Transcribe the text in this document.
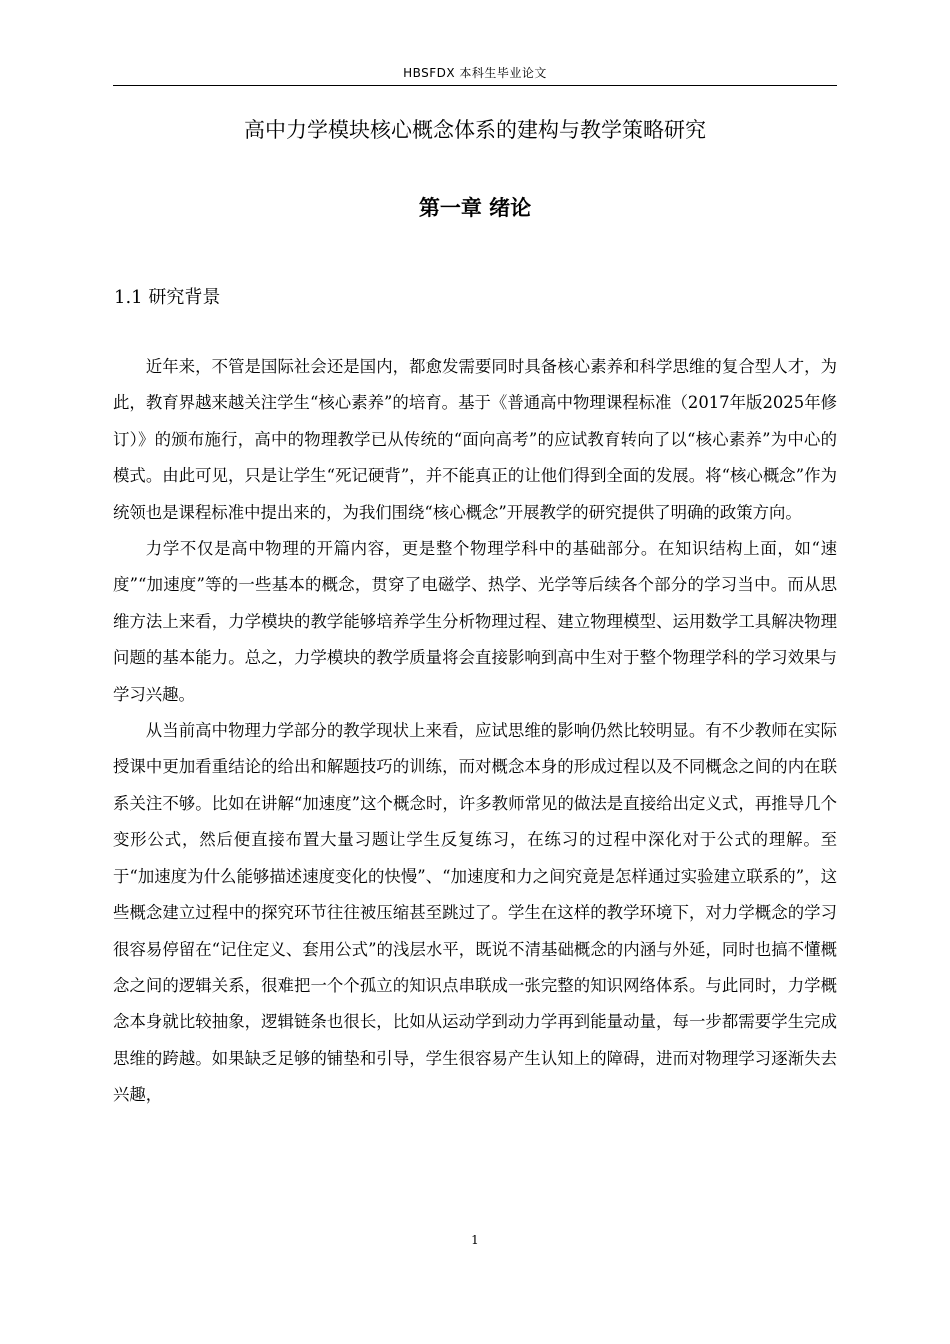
HBSFDX 本科生毕业论文
高中力学模块核心概念体系的建构与教学策略研究
第一章 绪论
1.1 研究背景

近年来，不管是国际社会还是国内，都愈发需要同时具备核心素养和科学思维的复合型人才，为此，教育界越来越关注学生“核心素养”的培育。基于《普通高中物理课程标准（2017年版2025年修订）》的颁布施行，高中的物理教学已从传统的“面向高考”的应试教育转向了以“核心素养”为中心的模式。由此可见，只是让学生“死记硬背”，并不能真正的让他们得到全面的发展。将“核心概念”作为统领也是课程标准中提出来的，为我们围绕“核心概念”开展教学的研究提供了明确的政策方向。

力学不仅是高中物理的开篇内容，更是整个物理学科中的基础部分。在知识结构上面，如“速度”“加速度”等的一些基本的概念，贯穿了电磁学、热学、光学等后续各个部分的学习当中。而从思维方法上来看，力学模块的教学能够培养学生分析物理过程、建立物理模型、运用数学工具解决物理问题的基本能力。总之，力学模块的教学质量将会直接影响到高中生对于整个物理学科的学习效果与学习兴趣。

从当前高中物理力学部分的教学现状上来看，应试思维的影响仍然比较明显。有不少教师在实际授课中更加看重结论的给出和解题技巧的训练，而对概念本身的形成过程以及不同概念之间的内在联系关注不够。比如在讲解“加速度”这个概念时，许多教师常见的做法是直接给出定义式，再推导几个变形公式，然后便直接布置大量习题让学生反复练习，在练习的过程中深化对于公式的理解。至于“加速度为什么能够描述速度变化的快慢”、“加速度和力之间究竟是怎样通过实验建立联系的”，这些概念建立过程中的探究环节往往被压缩甚至跳过了。学生在这样的教学环境下，对力学概念的学习很容易停留在“记住定义、套用公式”的浅层水平，既说不清基础概念的内涵与外延，同时也搞不懂概念之间的逻辑关系，很难把一个个孤立的知识点串联成一张完整的知识网络体系。与此同时，力学概念本身就比较抽象，逻辑链条也很长，比如从运动学到动力学再到能量动量，每一步都需要学生完成思维的跨越。如果缺乏足够的铺垫和引导，学生很容易产生认知上的障碍，进而对物理学习逐渐失去兴趣，

1
